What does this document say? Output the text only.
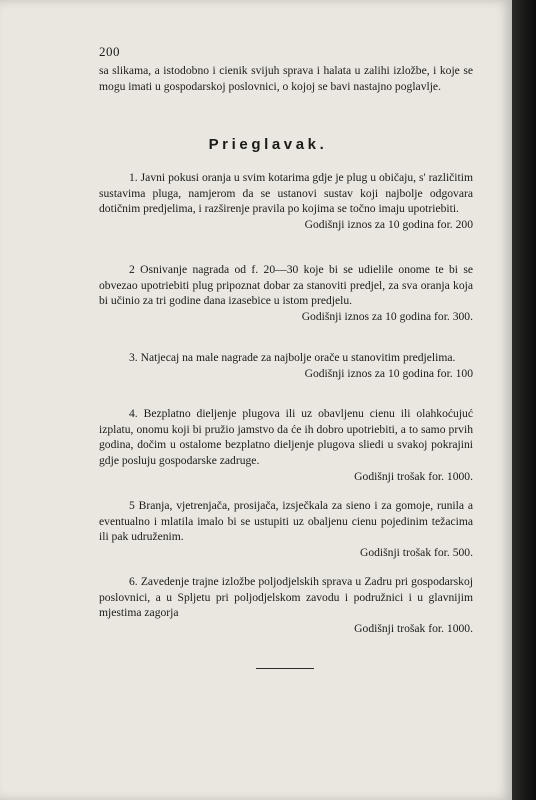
200

sa slikama, a istodobno i cienik svijuh sprava i halata u zalihi izložbe, i koje se mogu imati u gospodarskoj poslovnici, o kojoj se bavi nastajno poglavlje.

Prieglavak.
1. Javni pokusi oranja u svim kotarima gdje je plug u običaju, s' različitim sustavima pluga, namjerom da se ustanovi sustav koji najbolje odgovara dotičnim predjelima, i razširenje pravila po kojima se točno imaju upotriebiti.
Godišnji iznos za 10 godina for. 200
2 Osnivanje nagrada od f. 20—30 koje bi se udielile onome te bi se obvezao upotriebiti plug pripoznat dobar za stanoviti predjel, za sva oranja koja bi učinio za tri godine dana izasebice u istom predjelu.
Godišnji iznos za 10 godina for. 300.
3. Natjecaj na male nagrade za najbolje orače u stanovitim predjelima.
Godišnji iznos za 10 godina for. 100
4. Bezplatno dieljenje plugova ili uz obavljenu cienu ili olahkoćujuć izplatu, onomu koji bi pružio jamstvo da će ih dobro upotriebiti, a to samo prvih godina, dočim u ostalome bezplatno dieljenje plugova sliedi u svakoj pokrajini gdje posluju gospodarske zadruge.
Godišnji trošak for. 1000.
5 Branja, vjetrenjača, prosijača, izsječkala za sieno i za gomoje, runila a eventualno i mlatila imalo bi se ustupiti uz obaljenu cienu pojedinim težacima ili pak udruženim.
Godišnji trošak for. 500.
6. Zavedenje trajne izložbe poljodjelskih sprava u Zadru pri gospodarskoj poslovnici, a u Spljetu pri poljodjelskom zavodu i podružnici i u glavnijim mjestima zagorja
Godišnji trošak for. 1000.
